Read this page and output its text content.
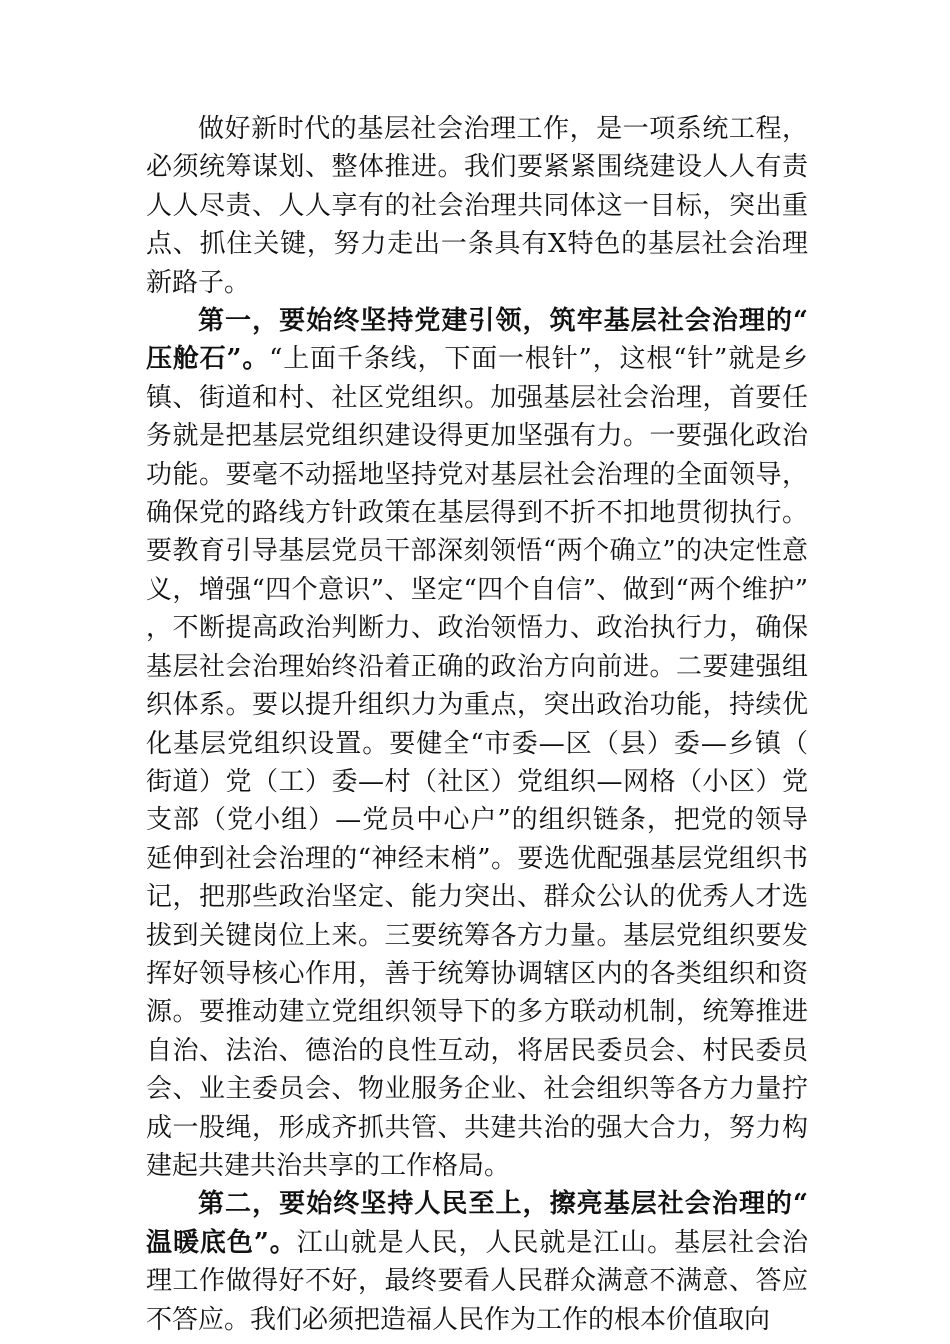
做好新时代的基层社会治理工作，是一项系统工程，必须统筹谋划、整体推进。我们要紧紧围绕建设人人有责人人尽责、人人享有的社会治理共同体这一目标，突出重点、抓住关键，努力走出一条具有X特色的基层社会治理新路子。

第一，要始终坚持党建引领，筑牢基层社会治理的“压舱石”。“上面千条线，下面一根针”，这根“针”就是乡镇、街道和村、社区党组织。加强基层社会治理，首要任务就是把基层党组织建设得更加坚强有力。一要强化政治功能。要毫不动摇地坚持党对基层社会治理的全面领导，确保党的路线方针政策在基层得到不折不扣地贯彻执行。要教育引导基层党员干部深刻领悟“两个确立”的决定性意义，增强“四个意识”、坚定“四个自信”、做到“两个维护”，不断提高政治判断力、政治领悟力、政治执行力，确保基层社会治理始终沿着正确的政治方向前进。二要建强组织体系。要以提升组织力为重点，突出政治功能，持续优化基层党组织设置。要健全“市委—区（县）委—乡镇（街道）党（工）委—村（社区）党组织—网格（小区）党支部（党小组）—党员中心户”的组织链条，把党的领导延伸到社会治理的“神经末梢”。要选优配强基层党组织书记，把那些政治坚定、能力突出、群众公认的优秀人才选拔到关键岗位上来。三要统筹各方力量。基层党组织要发挥好领导核心作用，善于统筹协调辖区内的各类组织和资源。要推动建立党组织领导下的多方联动机制，统筹推进自治、法治、德治的良性互动，将居民委员会、村民委员会、业主委员会、物业服务企业、社会组织等各方力量拧成一股绳，形成齐抓共管、共建共治的强大合力，努力构建起共建共治共享的工作格局。

第二，要始终坚持人民至上，擦亮基层社会治理的“温暖底色”。江山就是人民，人民就是江山。基层社会治理工作做得好不好，最终要看人民群众满意不满意、答应不答应。我们必须把造福人民作为工作的根本价值取向
